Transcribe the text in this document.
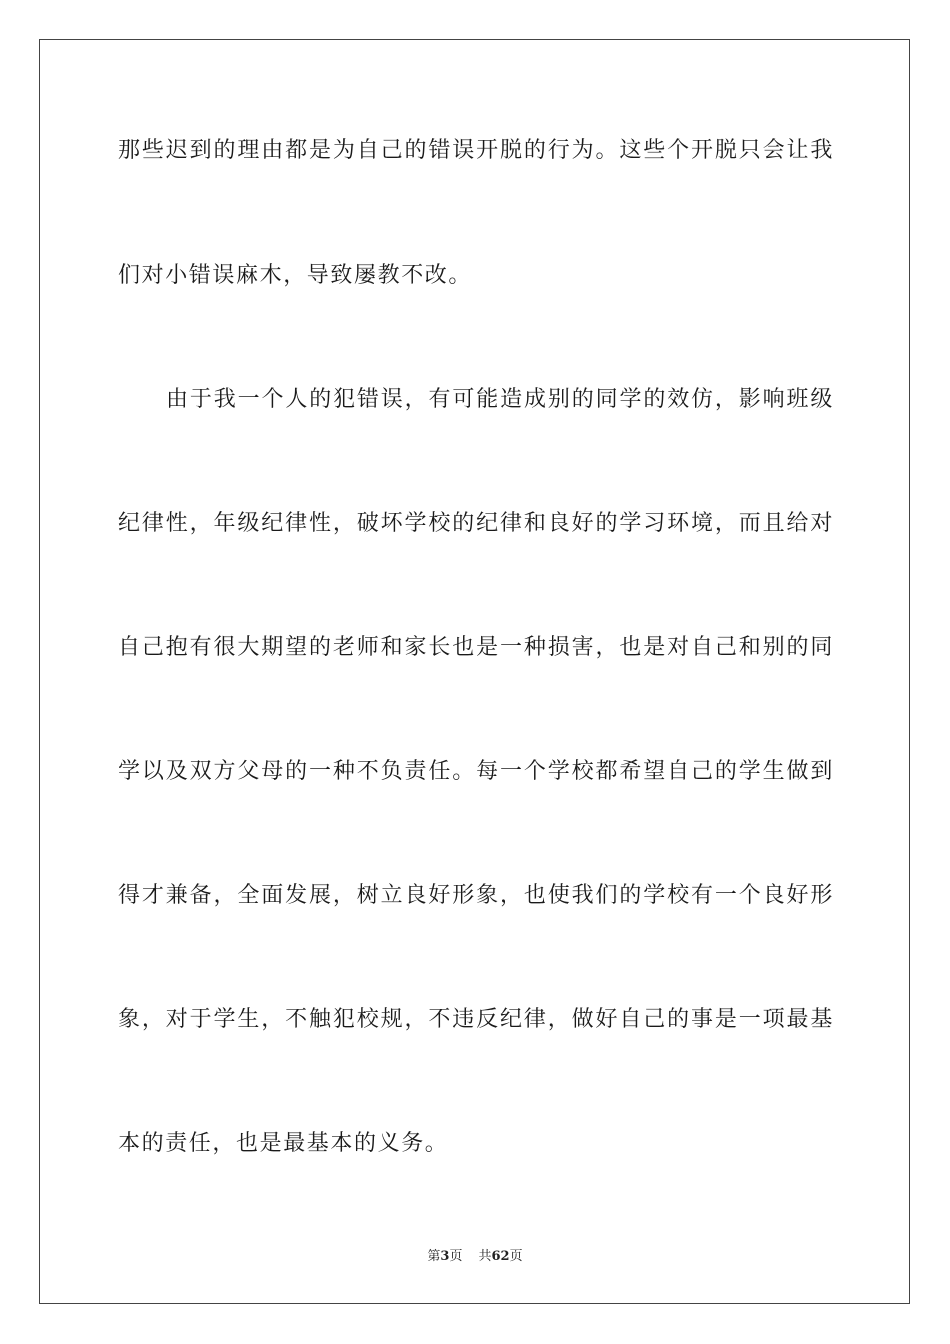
那些迟到的理由都是为自己的错误开脱的行为。这些个开脱只会让我
们对小错误麻木，导致屡教不改。
由于我一个人的犯错误，有可能造成别的同学的效仿，影响班级
纪律性，年级纪律性，破坏学校的纪律和良好的学习环境，而且给对
自己抱有很大期望的老师和家长也是一种损害，也是对自己和别的同
学以及双方父母的一种不负责任。每一个学校都希望自己的学生做到
得才兼备，全面发展，树立良好形象，也使我们的学校有一个良好形
象，对于学生，不触犯校规，不违反纪律，做好自己的事是一项最基
本的责任，也是最基本的义务。
第3页 共62页
